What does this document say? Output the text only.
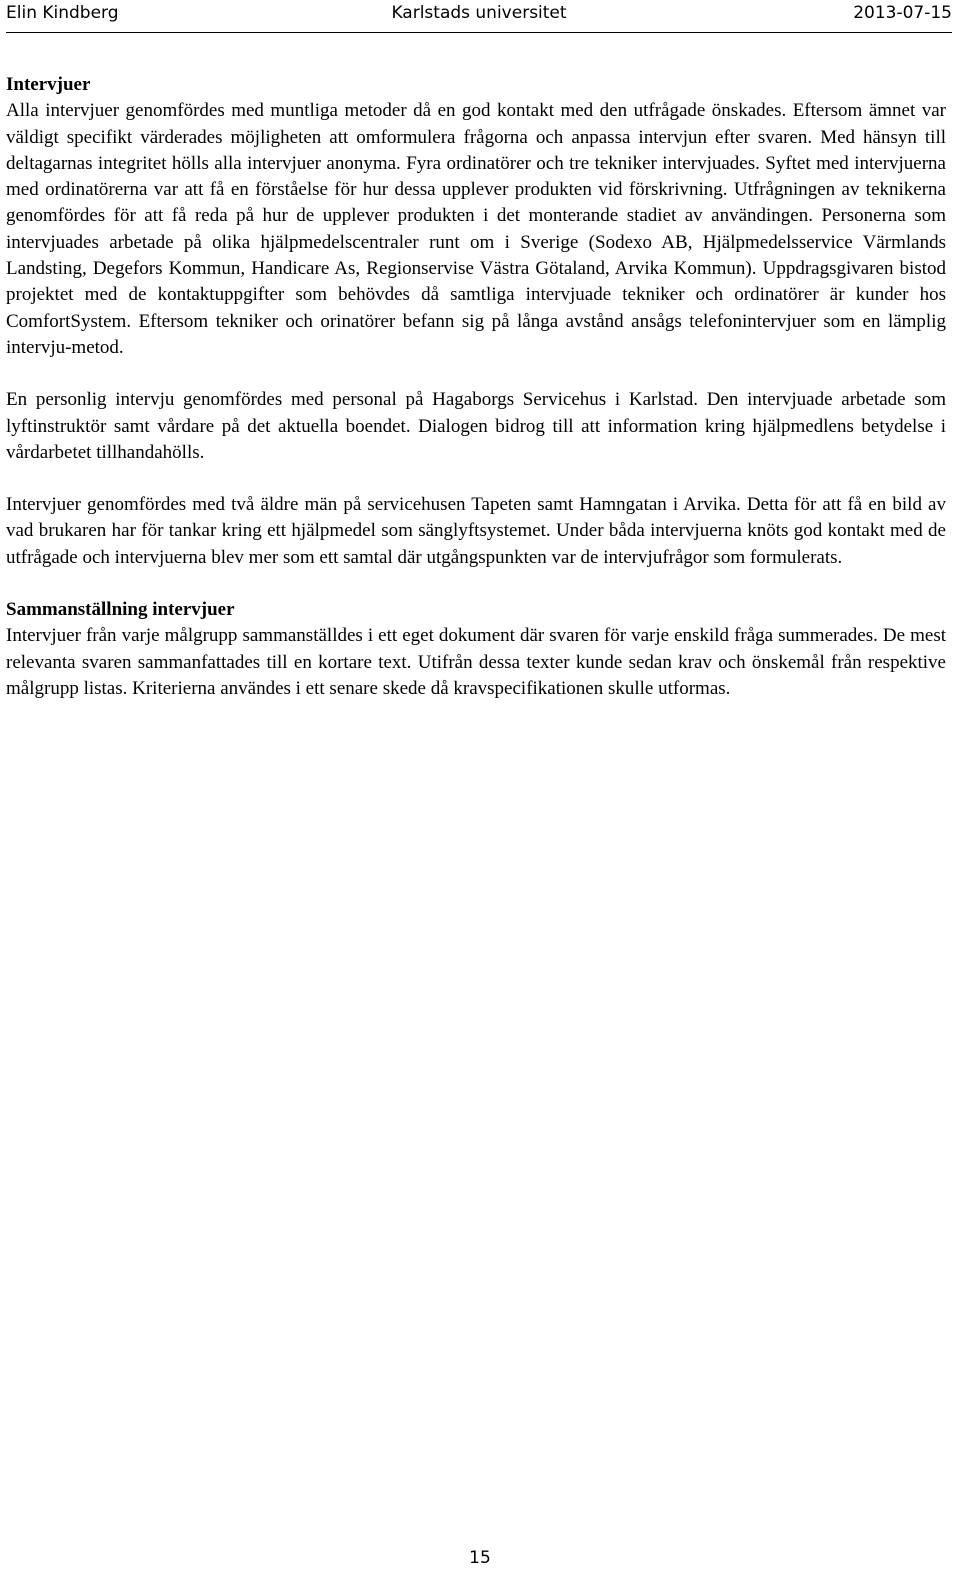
Elin Kindberg	Karlstads universitet	2013-07-15
Intervjuer

Alla intervjuer genomfördes med muntliga metoder då en god kontakt med den utfrågade önskades. Eftersom ämnet var väldigt specifikt värderades möjligheten att omformulera frågorna och anpassa intervjun efter svaren. Med hänsyn till deltagarnas integritet hölls alla intervjuer anonyma. Fyra ordinatörer och tre tekniker intervjuades. Syftet med intervjuerna med ordinatörerna var att få en förståelse för hur dessa upplever produkten vid förskrivning. Utfrågningen av teknikerna genomfördes för att få reda på hur de upplever produkten i det monterande stadiet av användingen. Personerna som intervjuades arbetade på olika hjälpmedelscentraler runt om i Sverige (Sodexo AB, Hjälpmedelsservice Värmlands Landsting, Degefors Kommun, Handicare As, Regionservise Västra Götaland, Arvika Kommun). Uppdragsgivaren bistod projektet med de kontaktuppgifter som behövdes då samtliga intervjuade tekniker och ordinatörer är kunder hos ComfortSystem. Eftersom tekniker och orinatörer befann sig på långa avstånd ansågs telefonintervjuer som en lämplig intervju-metod.

En personlig intervju genomfördes med personal på Hagaborgs Servicehus i Karlstad. Den intervjuade arbetade som lyftinstruktör samt vårdare på det aktuella boendet. Dialogen bidrog till att information kring hjälpmedlens betydelse i vårdarbetet tillhandahölls.

Intervjuer genomfördes med två äldre män på servicehusen Tapeten samt Hamngatan i Arvika. Detta för att få en bild av vad brukaren har för tankar kring ett hjälpmedel som sänglyftsystemet. Under båda intervjuerna knöts god kontakt med de utfrågade och intervjuerna blev mer som ett samtal där utgångspunkten var de intervjufrågor som formulerats.

Sammanställning intervjuer

Intervjuer från varje målgrupp sammanställdes i ett eget dokument där svaren för varje enskild fråga summerades. De mest relevanta svaren sammanfattades till en kortare text. Utifrån dessa texter kunde sedan krav och önskemål från respektive målgrupp listas. Kriterierna användes i ett senare skede då kravspecifikationen skulle utformas.

15
